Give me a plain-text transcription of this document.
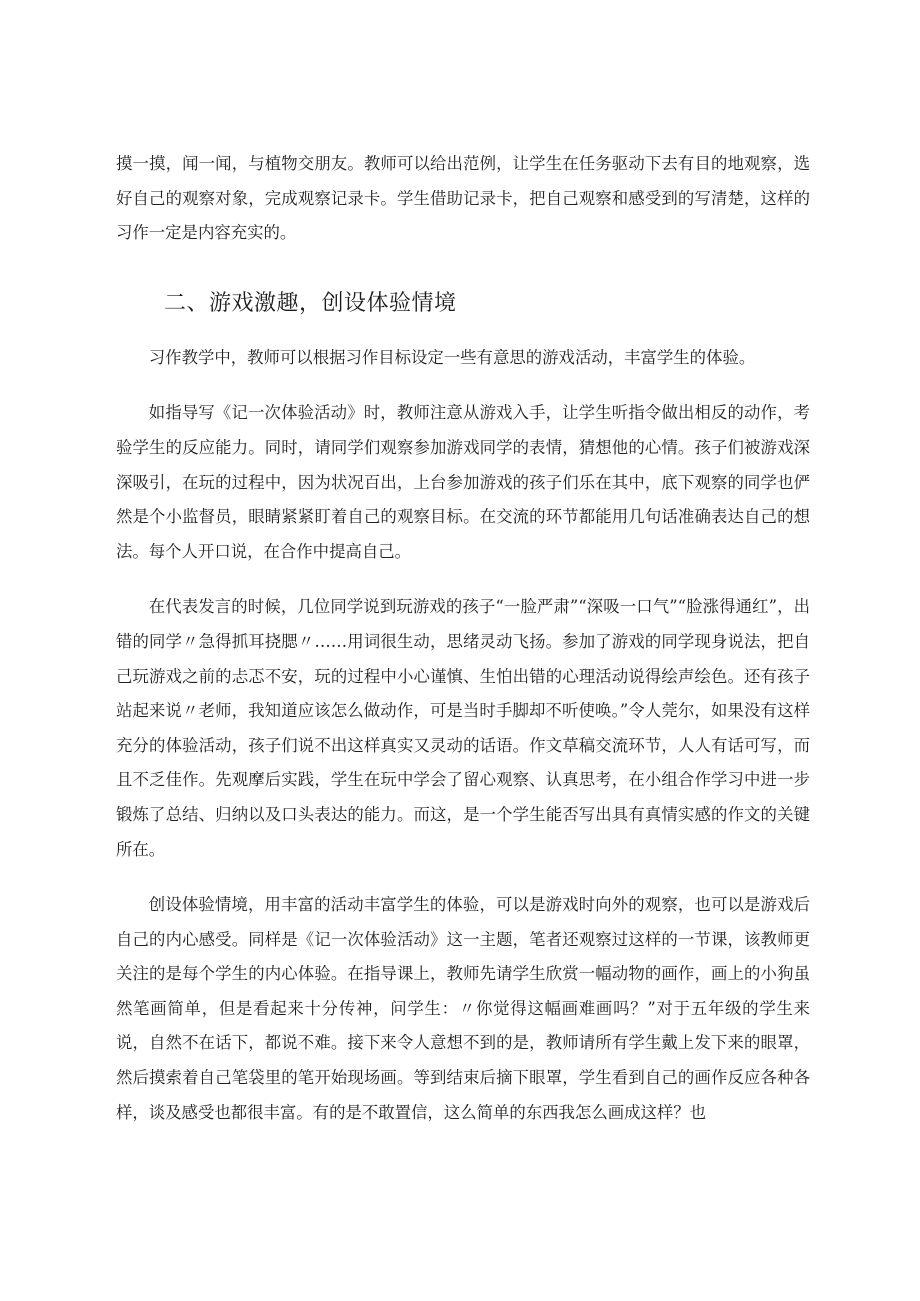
摸一摸，闻一闻，与植物交朋友。教师可以给出范例，让学生在任务驱动下去有目的地观察，选好自己的观察对象，完成观察记录卡。学生借助记录卡，把自己观察和感受到的写清楚，这样的习作一定是内容充实的。

二、游戏激趣，创设体验情境

习作教学中，教师可以根据习作目标设定一些有意思的游戏活动，丰富学生的体验。

如指导写《记一次体验活动》时，教师注意从游戏入手，让学生听指令做出相反的动作，考验学生的反应能力。同时，请同学们观察参加游戏同学的表情，猜想他的心情。孩子们被游戏深深吸引，在玩的过程中，因为状况百出，上台参加游戏的孩子们乐在其中，底下观察的同学也俨然是个小监督员，眼睛紧紧盯着自己的观察目标。在交流的环节都能用几句话准确表达自己的想法。每个人开口说，在合作中提高自己。

在代表发言的时候，几位同学说到玩游戏的孩子“一脸严肃”“深吸一口气”“脸涨得通红”，出错的同学〃急得抓耳挠腮〃……用词很生动，思绪灵动飞扬。参加了游戏的同学现身说法，把自己玩游戏之前的忐忑不安，玩的过程中小心谨慎、生怕出错的心理活动说得绘声绘色。还有孩子站起来说〃老师，我知道应该怎么做动作，可是当时手脚却不听使唤。”令人莞尔，如果没有这样充分的体验活动，孩子们说不出这样真实又灵动的话语。作文草稿交流环节，人人有话可写，而且不乏佳作。先观摩后实践，学生在玩中学会了留心观察、认真思考，在小组合作学习中进一步锻炼了总结、归纳以及口头表达的能力。而这，是一个学生能否写出具有真情实感的作文的关键所在。

创设体验情境，用丰富的活动丰富学生的体验，可以是游戏时向外的观察，也可以是游戏后自己的内心感受。同样是《记一次体验活动》这一主题，笔者还观察过这样的一节课，该教师更关注的是每个学生的内心体验。在指导课上，教师先请学生欣赏一幅动物的画作，画上的小狗虽然笔画简单，但是看起来十分传神，问学生：〃你觉得这幅画难画吗？”对于五年级的学生来说，自然不在话下，都说不难。接下来令人意想不到的是，教师请所有学生戴上发下来的眼罩，然后摸索着自己笔袋里的笔开始现场画。等到结束后摘下眼罩，学生看到自己的画作反应各种各样，谈及感受也都很丰富。有的是不敢置信，这么简单的东西我怎么画成这样？也
